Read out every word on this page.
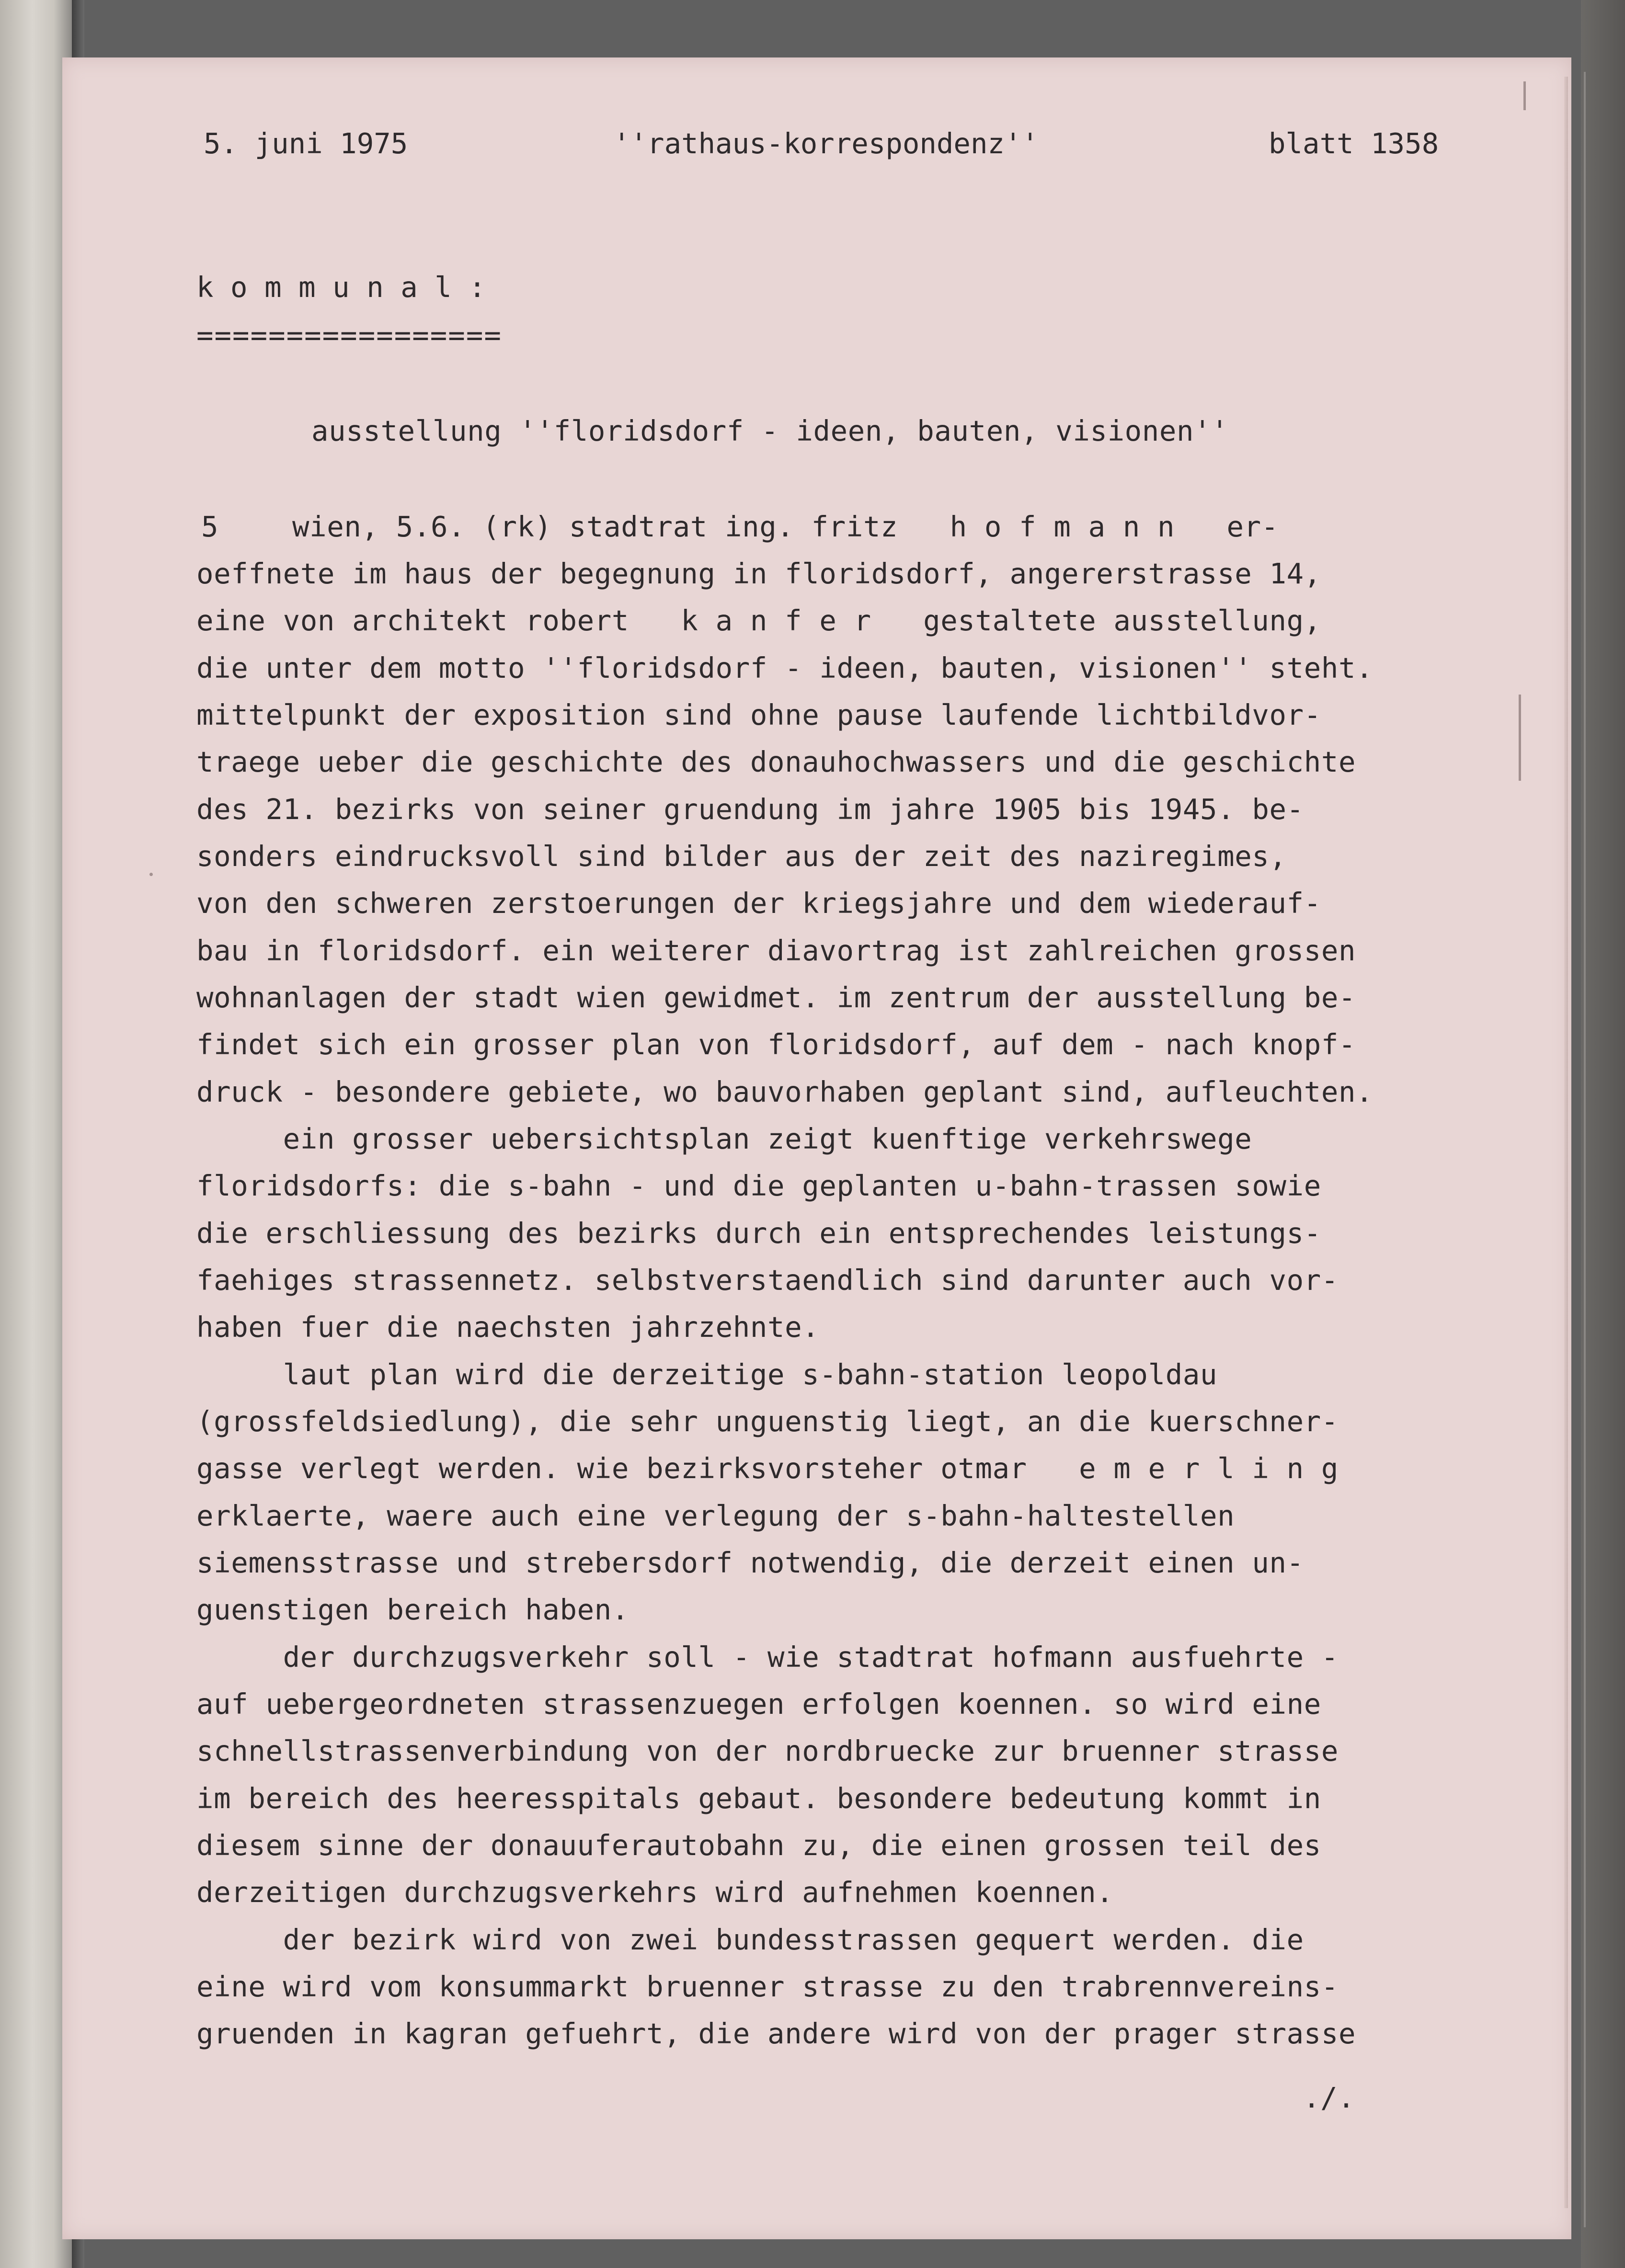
5. juni 1975	''rathaus-korrespondenz''	blatt 1358
k o m m u n a l :
=================
ausstellung ''floridsdorf - ideen, bauten, visionen''
5	wien, 5.6. (rk) stadtrat ing. fritz   h o f m a n n   er-
oeffnete im haus der begegnung in floridsdorf, angererstrasse 14,
eine von architekt robert   k a n f e r   gestaltete ausstellung,
die unter dem motto ''floridsdorf - ideen, bauten, visionen'' steht.
mittelpunkt der exposition sind ohne pause laufende lichtbildvor-
traege ueber die geschichte des donauhochwassers und die geschichte
des 21. bezirks von seiner gruendung im jahre 1905 bis 1945. be-
sonders eindrucksvoll sind bilder aus der zeit des naziregimes,
von den schweren zerstoerungen der kriegsjahre und dem wiederauf-
bau in floridsdorf. ein weiterer diavortrag ist zahlreichen grossen
wohnanlagen der stadt wien gewidmet. im zentrum der ausstellung be-
findet sich ein grosser plan von floridsdorf, auf dem - nach knopf-
druck - besondere gebiete, wo bauvorhaben geplant sind, aufleuchten.
ein grosser uebersichtsplan zeigt kuenftige verkehrswege
floridsdorfs: die s-bahn - und die geplanten u-bahn-trassen sowie
die erschliessung des bezirks durch ein entsprechendes leistungs-
faehiges strassennetz. selbstverstaendlich sind darunter auch vor-
haben fuer die naechsten jahrzehnte.
laut plan wird die derzeitige s-bahn-station leopoldau
(grossfeldsiedlung), die sehr unguenstig liegt, an die kuerschner-
gasse verlegt werden. wie bezirksvorsteher otmar   e m e r l i n g
erklaerte, waere auch eine verlegung der s-bahn-haltestellen
siemensstrasse und strebersdorf notwendig, die derzeit einen un-
guenstigen bereich haben.
der durchzugsverkehr soll - wie stadtrat hofmann ausfuehrte -
auf uebergeordneten strassenzuegen erfolgen koennen. so wird eine
schnellstrassenverbindung von der nordbruecke zur bruenner strasse
im bereich des heeresspitals gebaut. besondere bedeutung kommt in
diesem sinne der donauuferautobahn zu, die einen grossen teil des
derzeitigen durchzugsverkehrs wird aufnehmen koennen.
der bezirk wird von zwei bundesstrassen gequert werden. die
eine wird vom konsummarkt bruenner strasse zu den trabrennvereins-
gruenden in kagran gefuehrt, die andere wird von der prager strasse
./.
